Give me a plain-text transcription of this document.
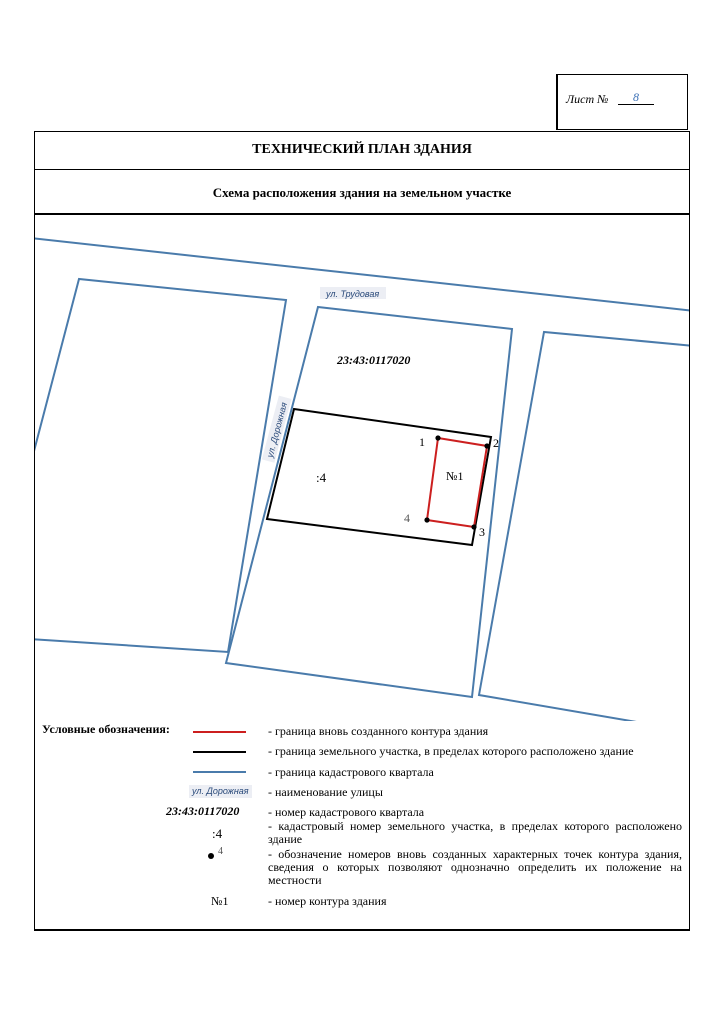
Лист №	8
ТЕХНИЧЕСКИЙ ПЛАН ЗДАНИЯ
Схема расположения здания на земельном участке
1	2
3
4
№1
:4
23:43:0117020
ул. Трудовая
ул. Дорожная
Условные обозначения:	- граница вновь созданного контура здания
- граница земельного участка, в пределах которого расположено здание
- граница кадастрового квартала
ул. Дорожная - наименование улицы
23:43:0117020 - номер кадастрового квартала
:4	- кадастровый номер земельного участка, в пределах которого расположено здание
4	- обозначение номеров вновь созданных характерных точек контура здания, сведения о которых позволяют однозначно определить их положение на местности
№1	- номер контура здания
